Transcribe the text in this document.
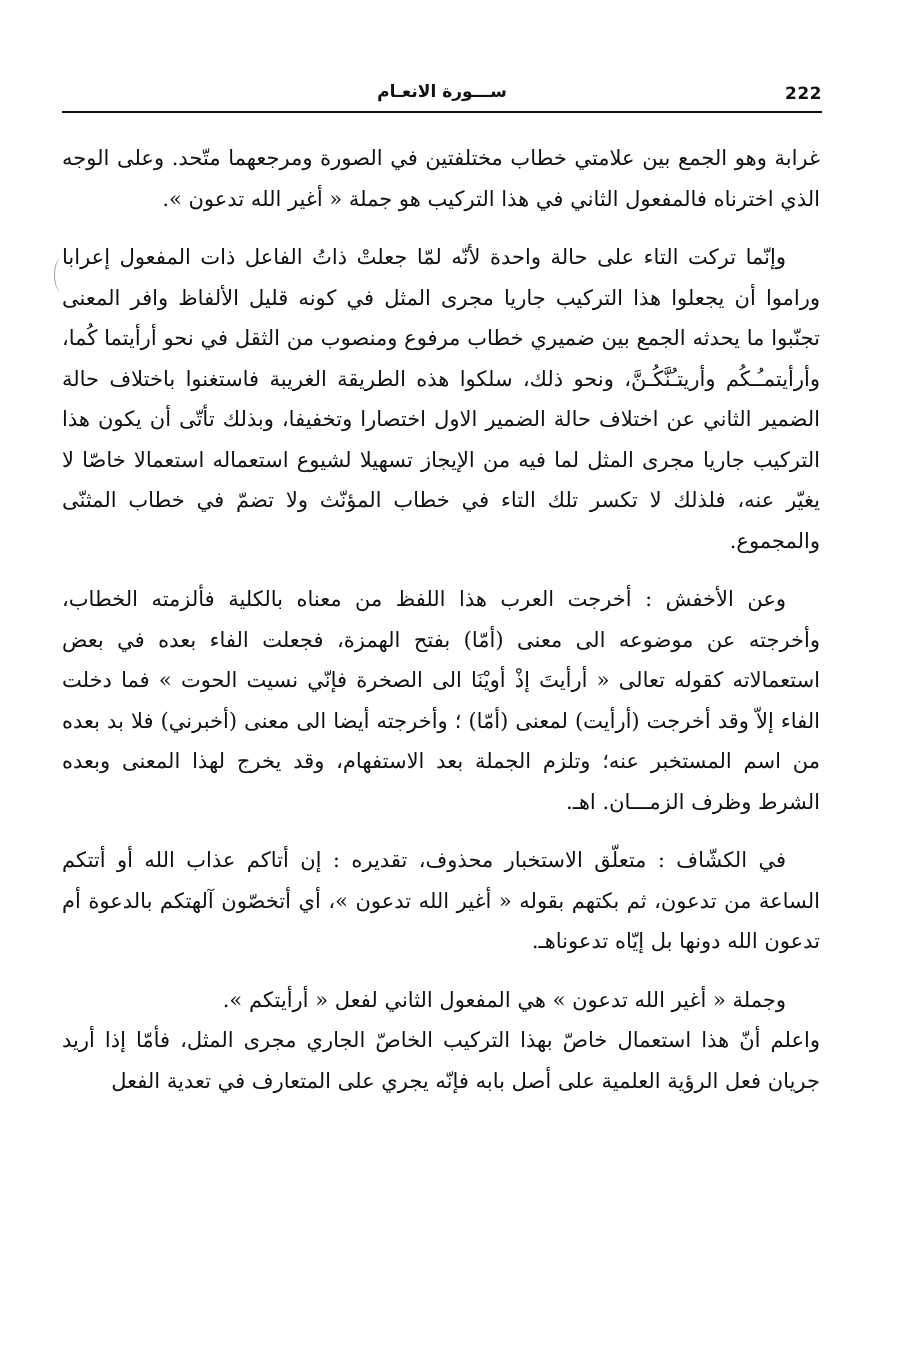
222
ســـورة الانعـام

غرابة وهو الجمع بين علامتي خطاب مختلفتين في الصورة ومرجعهما متّحد. وعلى الوجه الذي اخترناه فالمفعول الثاني في هذا التركيب هو جملة « أغير الله تدعون ».

وإنّما تركت التاء على حالة واحدة لأنّه لمّا جعلتْ ذاتُ الفاعل ذات المفعول إعرابا وراموا أن يجعلوا هذا التركيب جاريا مجرى المثل في كونه قليل الألفاظ وافر المعنى تجنّبوا ما يحدثه الجمع بين ضميري خطاب مرفوع ومنصوب من الثقل في نحو أرأيتما كُما، وأرأيتمـُـكُم وأريتـُنَّكُـنَّ، ونحو ذلك، سلكوا هذه الطريقة الغريبة فاستغنوا باختلاف حالة الضمير الثاني عن اختلاف حالة الضمير الاول اختصارا وتخفيفا، وبذلك تأتّى أن يكون هذا التركيب جاريا مجرى المثل لما فيه من الإيجاز تسهيلا لشيوع استعماله استعمالا خاصّا لا يغيّر عنه، فلذلك لا تكسر تلك التاء في خطاب المؤنّث ولا تضمّ في خطاب المثنّى والمجموع.

وعن الأخفش : أخرجت العرب هذا اللفظ من معناه بالكلية فألزمته الخطاب، وأخرجته عن موضوعه الى معنى (أمّا) بفتح الهمزة، فجعلت الفاء بعده في بعض استعمالاته كقوله تعالى « أرأيتَ إذْ أويْنَا الى الصخرة فإنّي نسيت الحوت » فما دخلت الفاء إلاّ وقد أخرجت (أرأيت) لمعنى (أمّا) ؛ وأخرجته أيضا الى معنى (أخبرني) فلا بد بعده من اسم المستخبر عنه؛ وتلزم الجملة بعد الاستفهام، وقد يخرج لهذا المعنى وبعده الشرط وظرف الزمـــان. اهـ.

في الكشّاف : متعلّق الاستخبار محذوف، تقديره : إن أتاكم عذاب الله أو أتتكم الساعة من تدعون، ثم بكتهم بقوله « أغير الله تدعون »، أي أتخصّون آلهتكم بالدعوة أم تدعون الله دونها بل إيّاه تدعوناهـ.

وجملة « أغير الله تدعون » هي المفعول الثاني لفعل « أرأيتكم ».

واعلم أنّ هذا استعمال خاصّ بهذا التركيب الخاصّ الجاري مجرى المثل، فأمّا إذا أريد جريان فعل الرؤية العلمية على أصل بابه فإنّه يجري على المتعارف في تعدية الفعل
